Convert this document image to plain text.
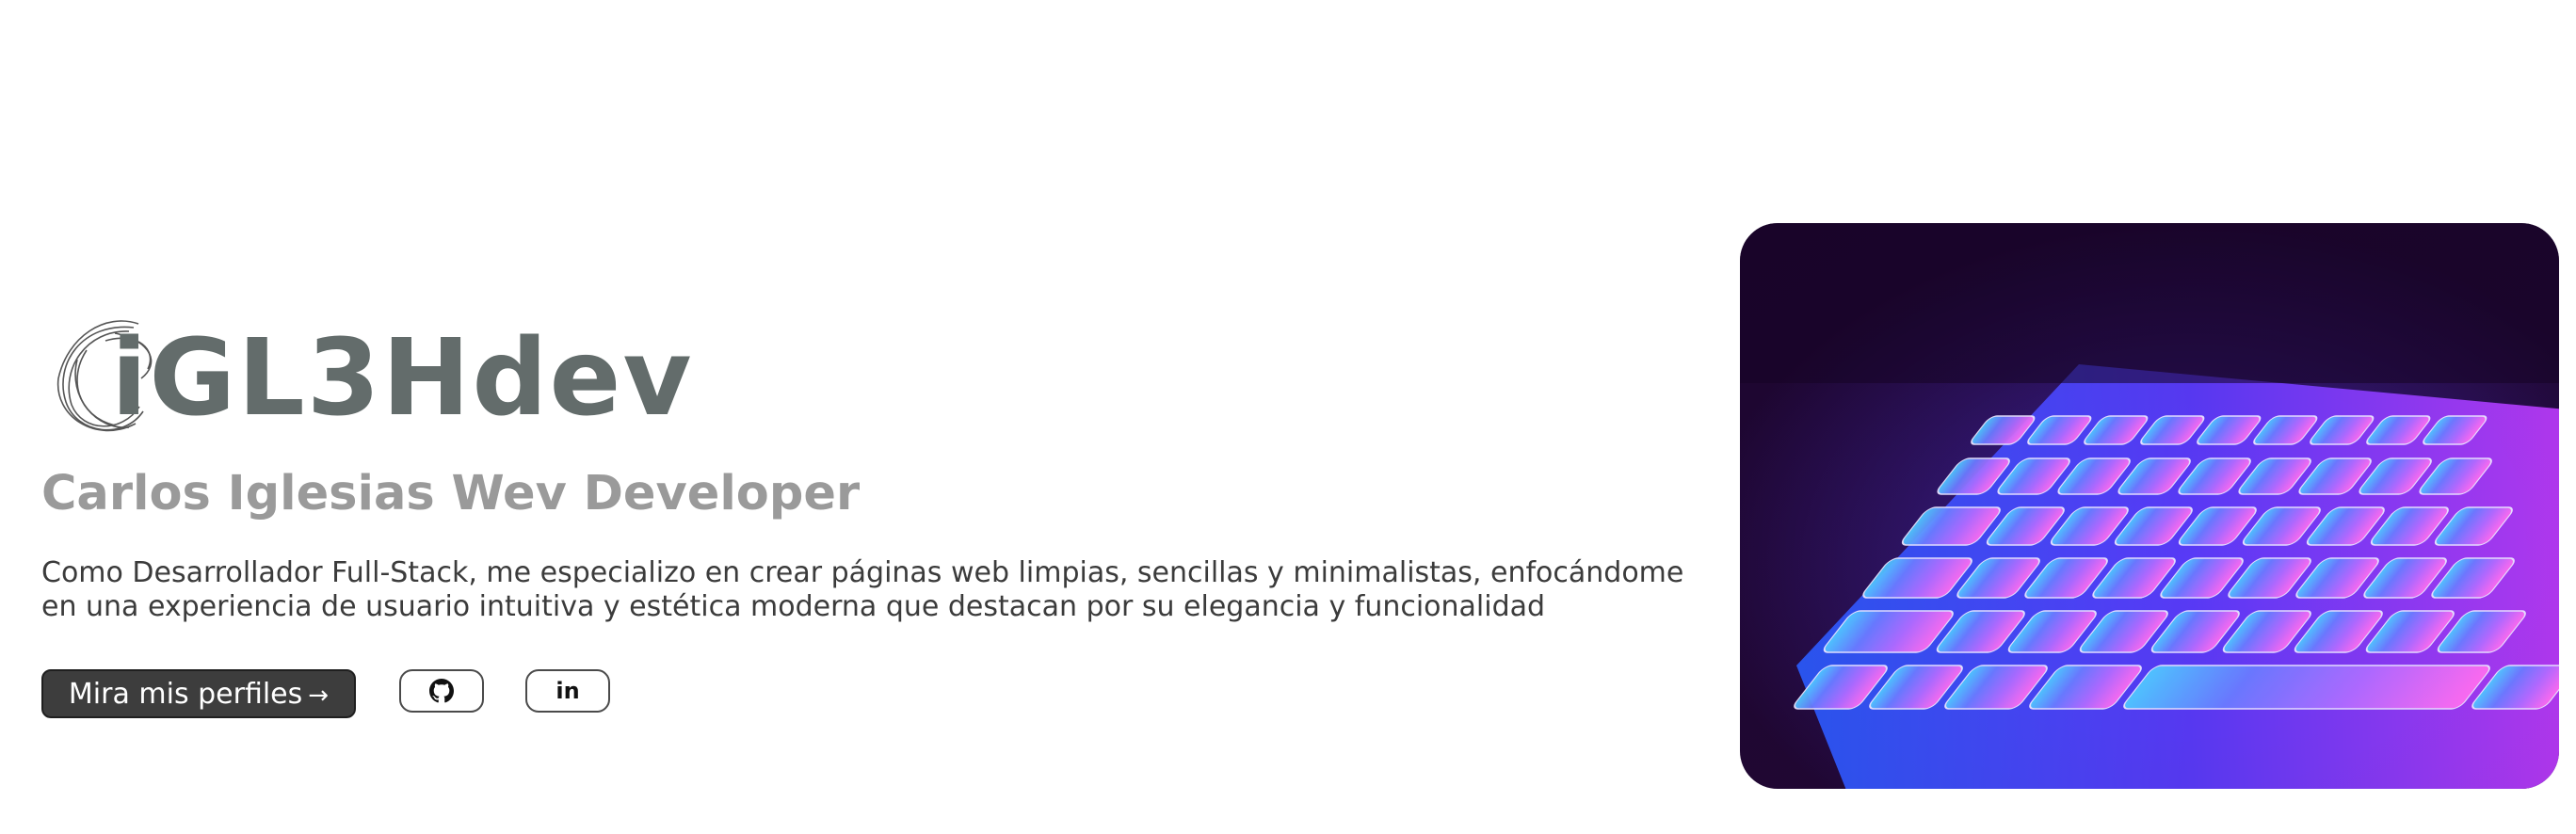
iGL3Hdev
Carlos Iglesias Wev Developer

Como Desarrollador Full-Stack, me especializo en crear páginas web limpias, sencillas y minimalistas, enfocándome en una experiencia de usuario intuitiva y estética moderna que destacan por su elegancia y funcionalidad

Mira mis perfiles →	in
